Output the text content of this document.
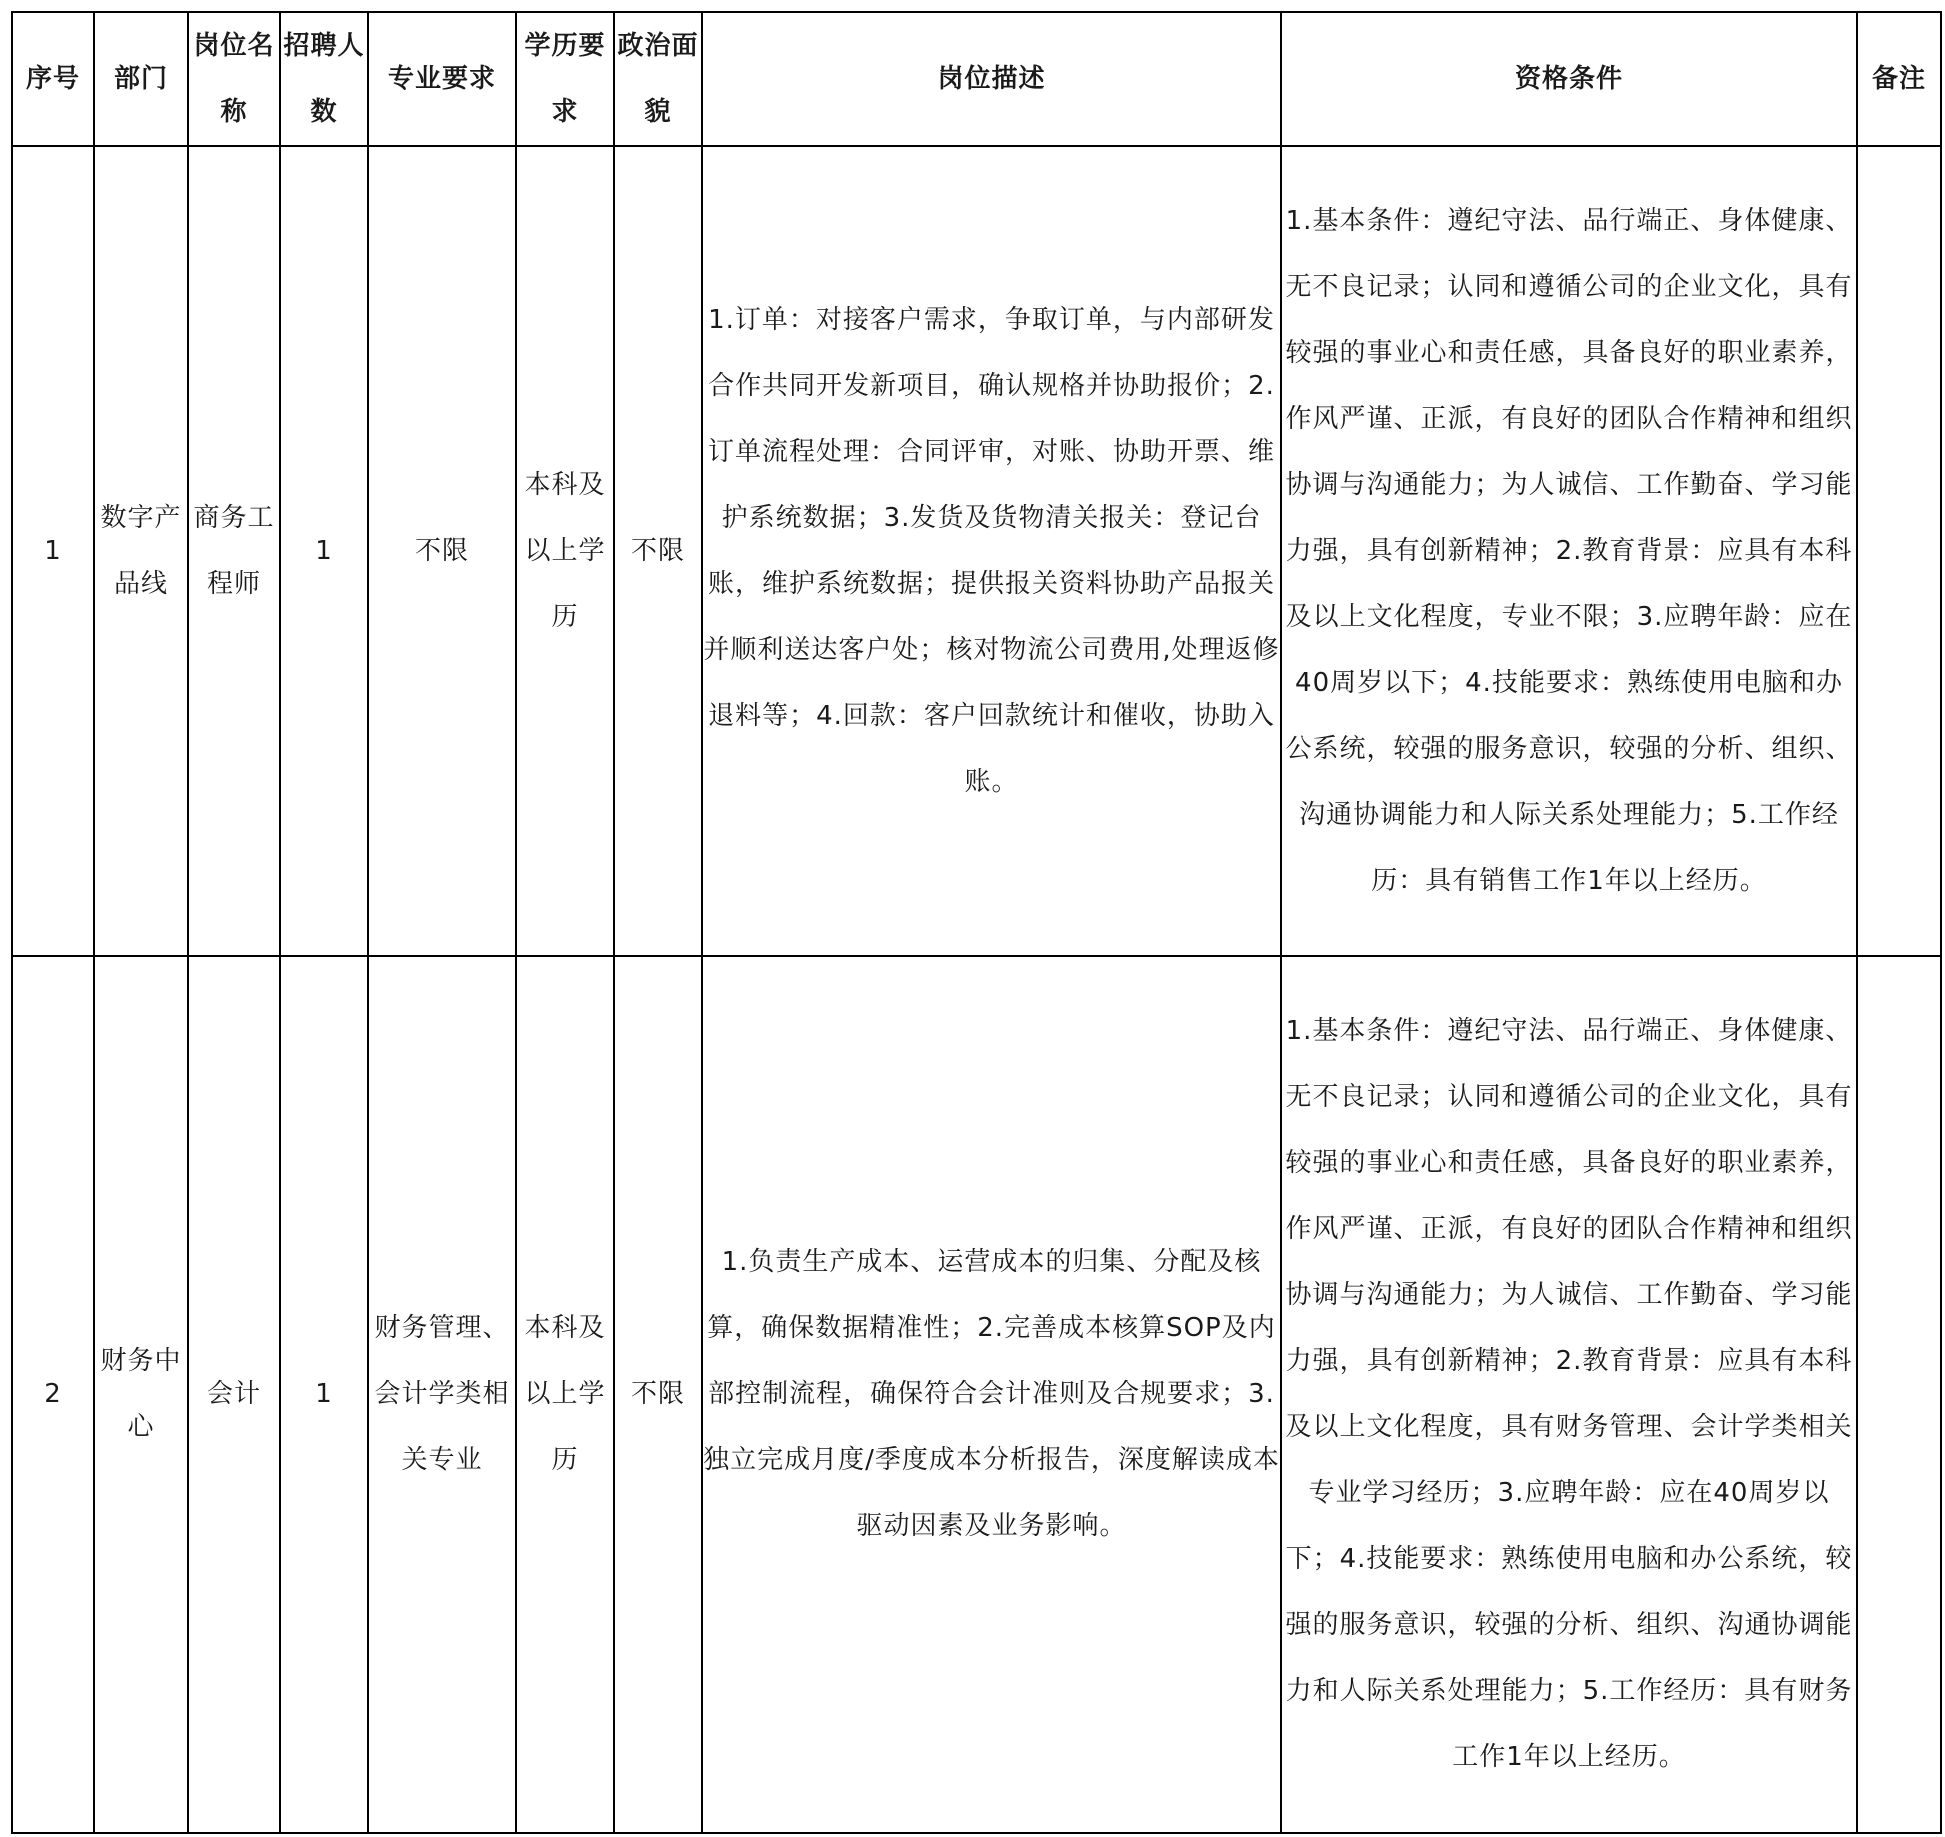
序号	部门	岗位名称	招聘人数	专业要求	学历要求	政治面貌	岗位描述	资格条件	备注
1	数字产品线	商务工程师	1	不限	本科及以上学历	不限	1.订单：对接客户需求，争取订单，与内部研发合作共同开发新项目，确认规格并协助报价；2.订单流程处理：合同评审，对账、协助开票、维护系统数据；3.发货及货物清关报关：登记台账，维护系统数据；提供报关资料协助产品报关并顺利送达客户处；核对物流公司费用,处理返修退料等；4.回款：客户回款统计和催收，协助入账。	1.基本条件：遵纪守法、品行端正、身体健康、无不良记录；认同和遵循公司的企业文化，具有较强的事业心和责任感，具备良好的职业素养，作风严谨、正派，有良好的团队合作精神和组织协调与沟通能力；为人诚信、工作勤奋、学习能力强，具有创新精神；2.教育背景：应具有本科及以上文化程度，专业不限；3.应聘年龄：应在40周岁以下；4.技能要求：熟练使用电脑和办公系统，较强的服务意识，较强的分析、组织、沟通协调能力和人际关系处理能力；5.工作经历：具有销售工作1年以上经历。	
2	财务中心	会计	1	财务管理、会计学类相关专业	本科及以上学历	不限	1.负责生产成本、运营成本的归集、分配及核算，确保数据精准性；2.完善成本核算SOP及内部控制流程，确保符合会计准则及合规要求；3.独立完成月度/季度成本分析报告，深度解读成本驱动因素及业务影响。	1.基本条件：遵纪守法、品行端正、身体健康、无不良记录；认同和遵循公司的企业文化，具有较强的事业心和责任感，具备良好的职业素养，作风严谨、正派，有良好的团队合作精神和组织协调与沟通能力；为人诚信、工作勤奋、学习能力强，具有创新精神；2.教育背景：应具有本科及以上文化程度，具有财务管理、会计学类相关专业学习经历；3.应聘年龄：应在40周岁以下；4.技能要求：熟练使用电脑和办公系统，较强的服务意识，较强的分析、组织、沟通协调能力和人际关系处理能力；5.工作经历：具有财务工作1年以上经历。	
